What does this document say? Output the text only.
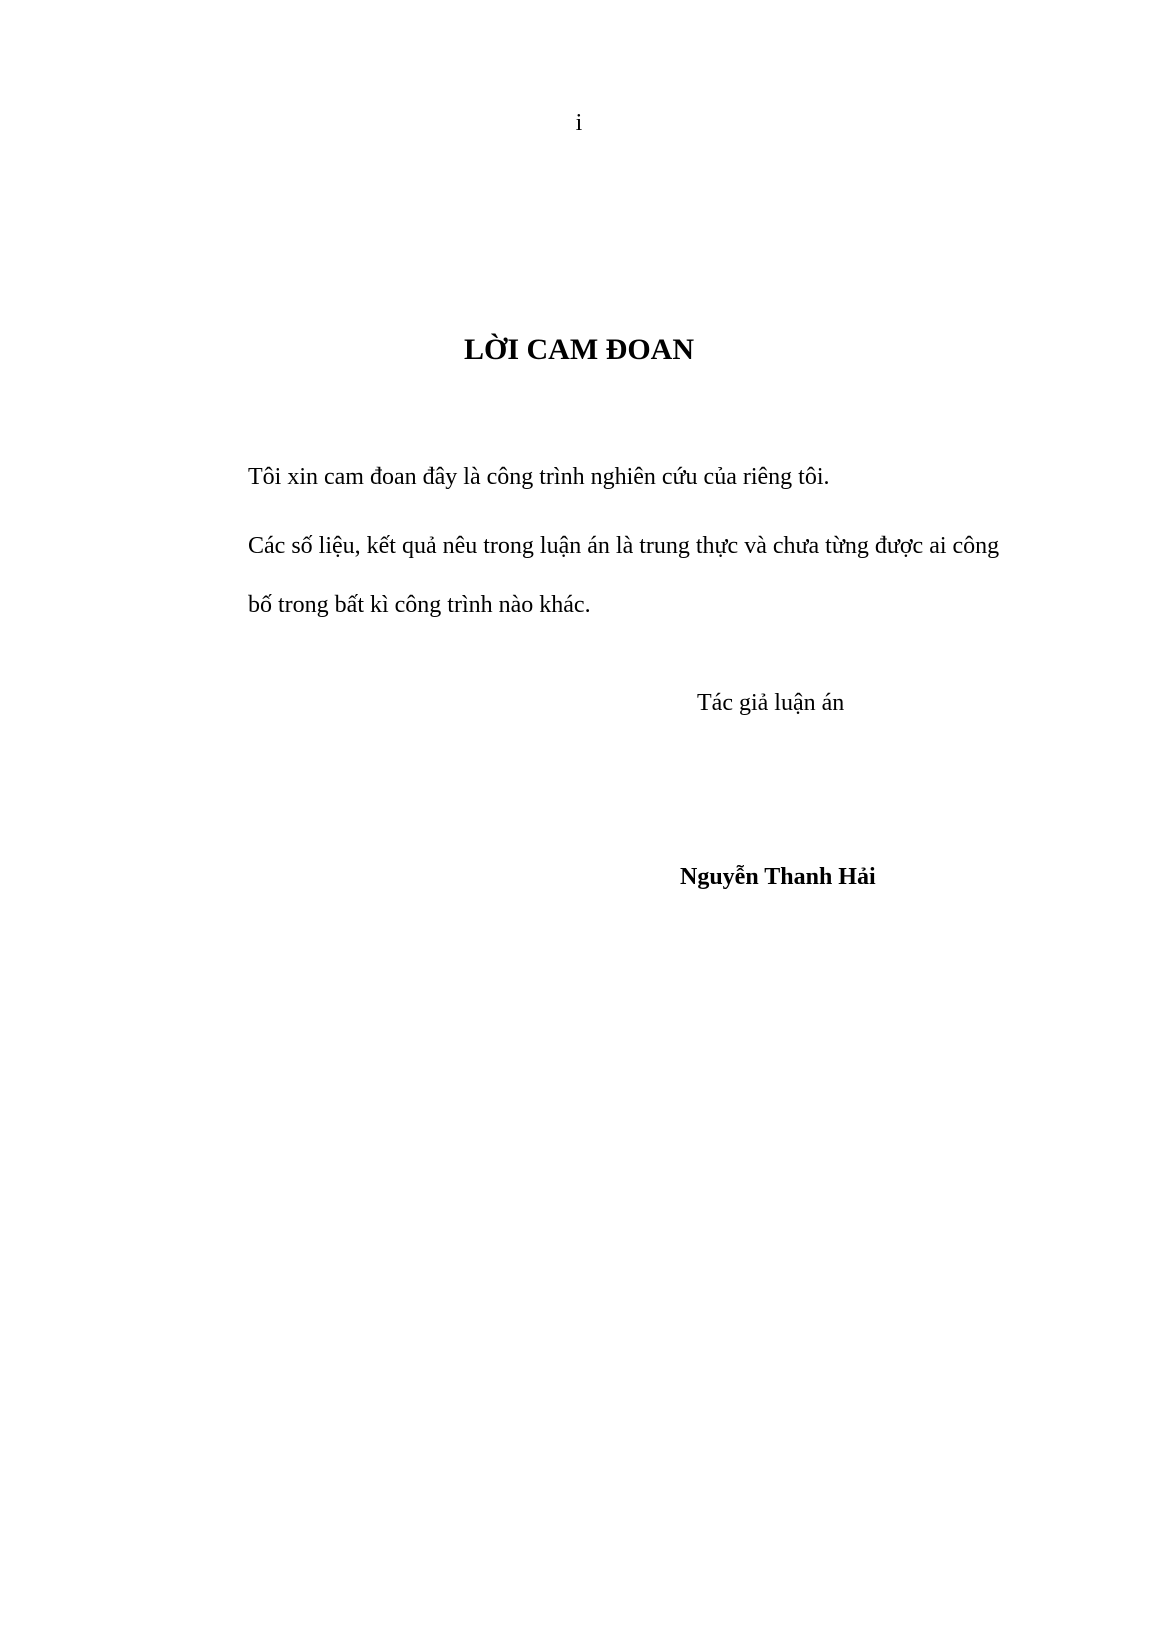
i
LỜI CAM ĐOAN

Tôi xin cam đoan đây là công trình nghiên cứu của riêng tôi.

Các số liệu, kết quả nêu trong luận án là trung thực và chưa từng được ai công

bố trong bất kì công trình nào khác.

Tác giả luận án

Nguyễn Thanh Hải
